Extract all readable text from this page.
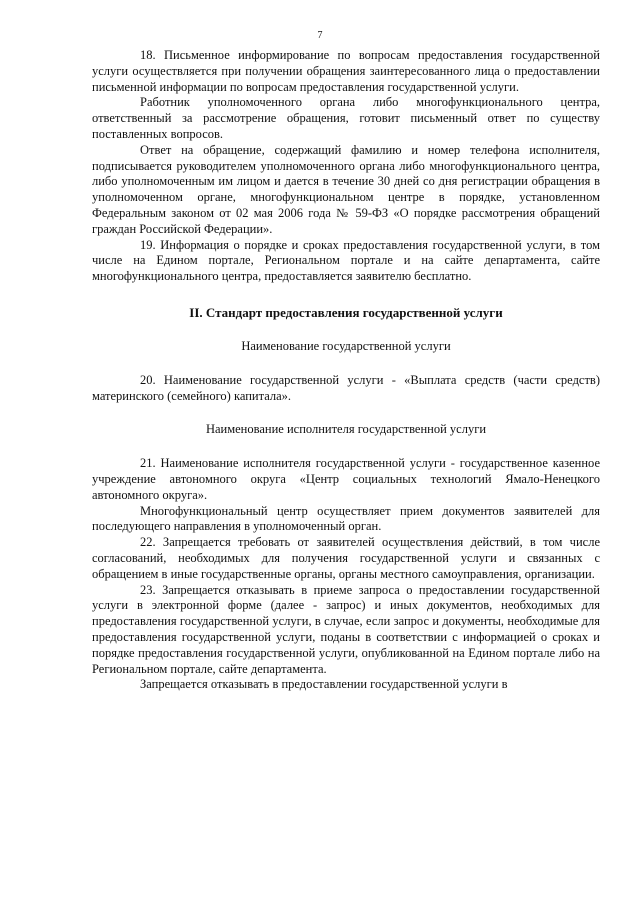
7

18. Письменное информирование по вопросам предоставления государственной услуги осуществляется при получении обращения заинтересованного лица о предоставлении письменной информации по вопросам предоставления государственной услуги.

Работник уполномоченного органа либо многофункционального центра, ответственный за рассмотрение обращения, готовит письменный ответ по существу поставленных вопросов.

Ответ на обращение, содержащий фамилию и номер телефона исполнителя, подписывается руководителем уполномоченного органа либо многофункционального центра, либо уполномоченным им лицом и дается в течение 30 дней со дня регистрации обращения в уполномоченном органе, многофункциональном центре в порядке, установленном Федеральным законом от 02 мая 2006 года № 59-ФЗ «О порядке рассмотрения обращений граждан Российской Федерации».

19. Информация о порядке и сроках предоставления государственной услуги, в том числе на Едином портале, Региональном портале и на сайте департамента, сайте многофункционального центра, предоставляется заявителю бесплатно.

II. Стандарт предоставления государственной услуги
Наименование государственной услуги

20. Наименование государственной услуги - «Выплата средств (части средств) материнского (семейного) капитала».

Наименование исполнителя государственной услуги

21. Наименование исполнителя государственной услуги - государственное казенное учреждение автономного округа «Центр социальных технологий Ямало-Ненецкого автономного округа».

Многофункциональный центр осуществляет прием документов заявителей для последующего направления в уполномоченный орган.

22. Запрещается требовать от заявителей осуществления действий, в том числе согласований, необходимых для получения государственной услуги и связанных с обращением в иные государственные органы, органы местного самоуправления, организации.

23. Запрещается отказывать в приеме запроса о предоставлении государственной услуги в электронной форме (далее - запрос) и иных документов, необходимых для предоставления государственной услуги, в случае, если запрос и документы, необходимые для предоставления государственной услуги, поданы в соответствии с информацией о сроках и порядке предоставления государственной услуги, опубликованной на Едином портале либо на Региональном портале, сайте департамента.

Запрещается отказывать в предоставлении государственной услуги в
